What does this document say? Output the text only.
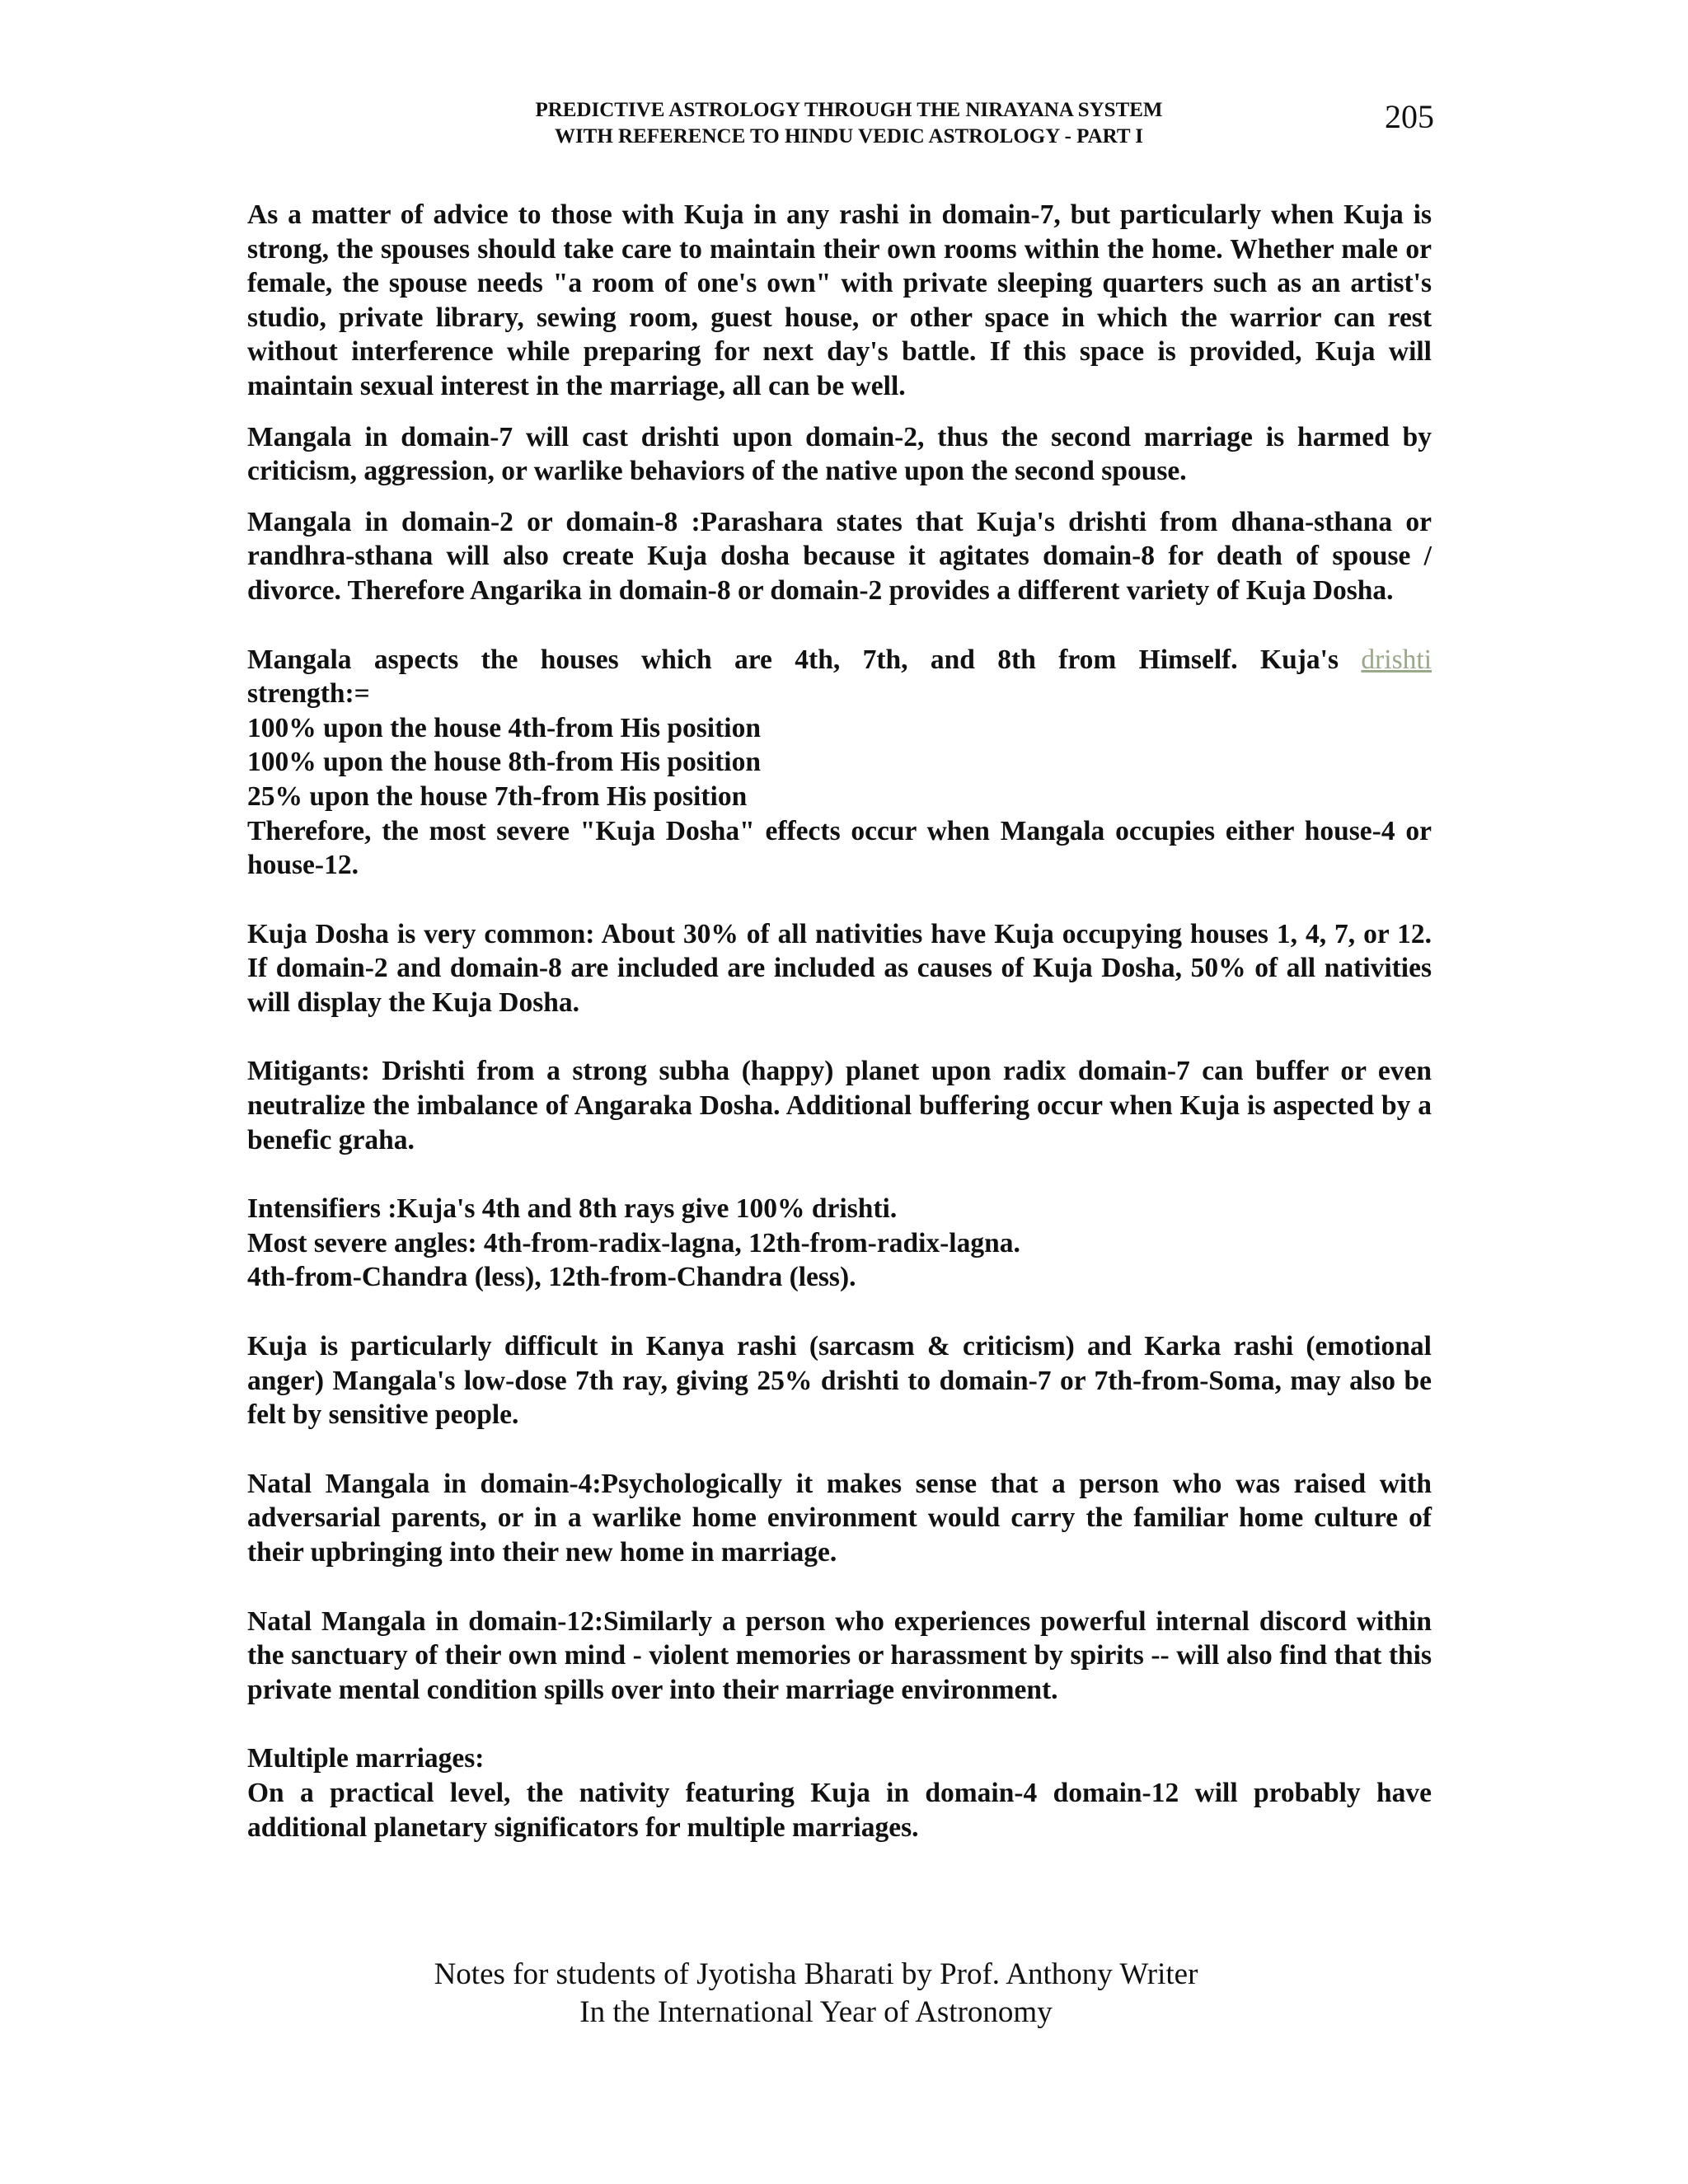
PREDICTIVE ASTROLOGY THROUGH THE NIRAYANA SYSTEM
WITH REFERENCE TO HINDU VEDIC ASTROLOGY - PART I
205

As a matter of advice to those with Kuja in any rashi in domain-7, but particularly when Kuja is strong, the spouses should take care to maintain their own rooms within the home. Whether male or female, the spouse needs "a room of one's own" with private sleeping quarters such as an artist's studio, private library, sewing room, guest house, or other space in which the warrior can rest without interference while preparing for next day's battle. If this space is provided, Kuja will maintain sexual interest in the marriage, all can be well.

Mangala in domain-7 will cast drishti upon domain-2, thus the second marriage is harmed by criticism, aggression, or warlike behaviors of the native upon the second spouse.

Mangala in domain-2 or domain-8 :Parashara states that Kuja's drishti from dhana-sthana or randhra-sthana will also create Kuja dosha because it agitates domain-8 for death of spouse / divorce. Therefore Angarika in domain-8 or domain-2 provides a different variety of Kuja Dosha.

Mangala aspects the houses which are 4th, 7th, and 8th from Himself. Kuja's drishti
strength:=
100% upon the house 4th-from His position
100% upon the house 8th-from His position
25% upon the house 7th-from His position
Therefore, the most severe "Kuja Dosha" effects occur when Mangala occupies either house-4 or house-12.

Kuja Dosha is very common: About 30% of all nativities have Kuja occupying houses 1, 4, 7, or 12. If domain-2 and domain-8 are included are included as causes of Kuja Dosha, 50% of all nativities will display the Kuja Dosha.

Mitigants: Drishti from a strong subha (happy) planet upon radix domain-7 can buffer or even neutralize the imbalance of Angaraka Dosha. Additional buffering occur when Kuja is aspected by a benefic graha.

Intensifiers :Kuja's 4th and 8th rays give 100% drishti.
Most severe angles: 4th-from-radix-lagna, 12th-from-radix-lagna.
4th-from-Chandra (less), 12th-from-Chandra (less).

Kuja is particularly difficult in Kanya rashi (sarcasm & criticism) and Karka rashi (emotional anger) Mangala's low-dose 7th ray, giving 25% drishti to domain-7 or 7th-from-Soma, may also be felt by sensitive people.

Natal Mangala in domain-4:Psychologically it makes sense that a person who was raised with adversarial parents, or in a warlike home environment would carry the familiar home culture of their upbringing into their new home in marriage.

Natal Mangala in domain-12:Similarly a person who experiences powerful internal discord within the sanctuary of their own mind - violent memories or harassment by spirits -- will also find that this private mental condition spills over into their marriage environment.

Multiple marriages:
On a practical level, the nativity featuring Kuja in domain-4 domain-12 will probably have additional planetary significators for multiple marriages.
Notes for students of Jyotisha Bharati by Prof. Anthony Writer
In the International Year of Astronomy
